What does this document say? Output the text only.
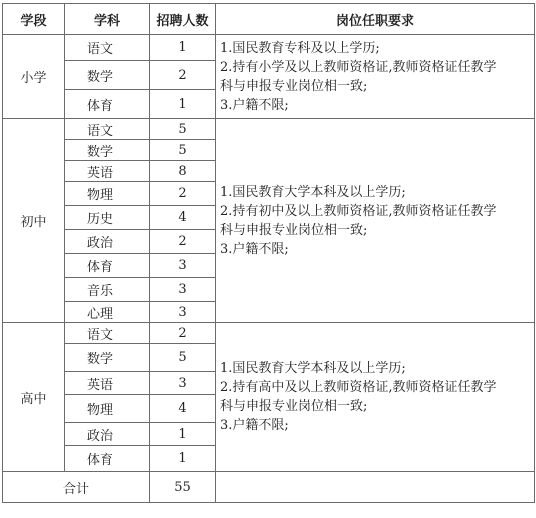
学段	学科	招聘人数	岗位任职要求
小学	语文	1	1.国民教育专科及以上学历;
2.持有小学及以上教师资格证,教师资格证任教学
科与申报专业岗位相一致;
3.户籍不限;

	数学	2	
	体育	1	
初中	语文	5	1.国民教育大学本科及以上学历;
2.持有初中及以上教师资格证,教师资格证任教学
科与申报专业岗位相一致;
3.户籍不限;

	数学	5	
	英语	8	
	物理	2	
	历史	4	
	政治	2	
	体育	3	
	音乐	3	
	心理	3	
高中	语文	2	1.国民教育大学本科及以上学历;
2.持有高中及以上教师资格证,教师资格证任教学
科与申报专业岗位相一致;
3.户籍不限;

	数学	5	
	英语	3	
	物理	4	
	政治	1	
	体育	1	
合计		55	
